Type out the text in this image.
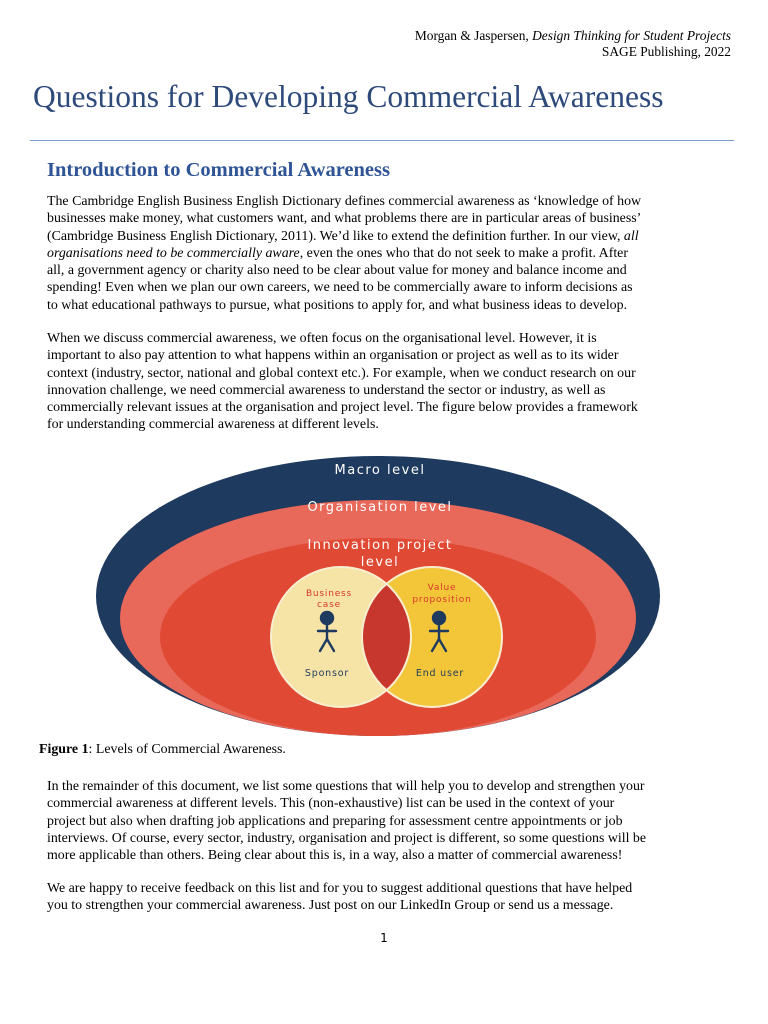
Morgan & Jaspersen, Design Thinking for Student Projects
SAGE Publishing, 2022
Questions for Developing Commercial Awareness
Introduction to Commercial Awareness

The Cambridge English Business English Dictionary defines commercial awareness as ‘knowledge of how
businesses make money, what customers want, and what problems there are in particular areas of business’
(Cambridge Business English Dictionary, 2011). We’d like to extend the definition further. In our view, all
organisations need to be commercially aware, even the ones who that do not seek to make a profit. After
all, a government agency or charity also need to be clear about value for money and balance income and
spending! Even when we plan our own careers, we need to be commercially aware to inform decisions as
to what educational pathways to pursue, what positions to apply for, and what business ideas to develop.

When we discuss commercial awareness, we often focus on the organisational level. However, it is
important to also pay attention to what happens within an organisation or project as well as to its wider
context (industry, sector, national and global context etc.). For example, when we conduct research on our
innovation challenge, we need commercial awareness to understand the sector or industry, as well as
commercially relevant issues at the organisation and project level. The figure below provides a framework
for understanding commercial awareness at different levels.

Macro level
Organisation level
Innovation project
level
Business
case
Value
proposition
Sponsor	End user
Figure 1: Levels of Commercial Awareness.

In the remainder of this document, we list some questions that will help you to develop and strengthen your
commercial awareness at different levels. This (non-exhaustive) list can be used in the context of your
project but also when drafting job applications and preparing for assessment centre appointments or job
interviews. Of course, every sector, industry, organisation and project is different, so some questions will be
more applicable than others. Being clear about this is, in a way, also a matter of commercial awareness!

We are happy to receive feedback on this list and for you to suggest additional questions that have helped
you to strengthen your commercial awareness. Just post on our LinkedIn Group or send us a message.

1
